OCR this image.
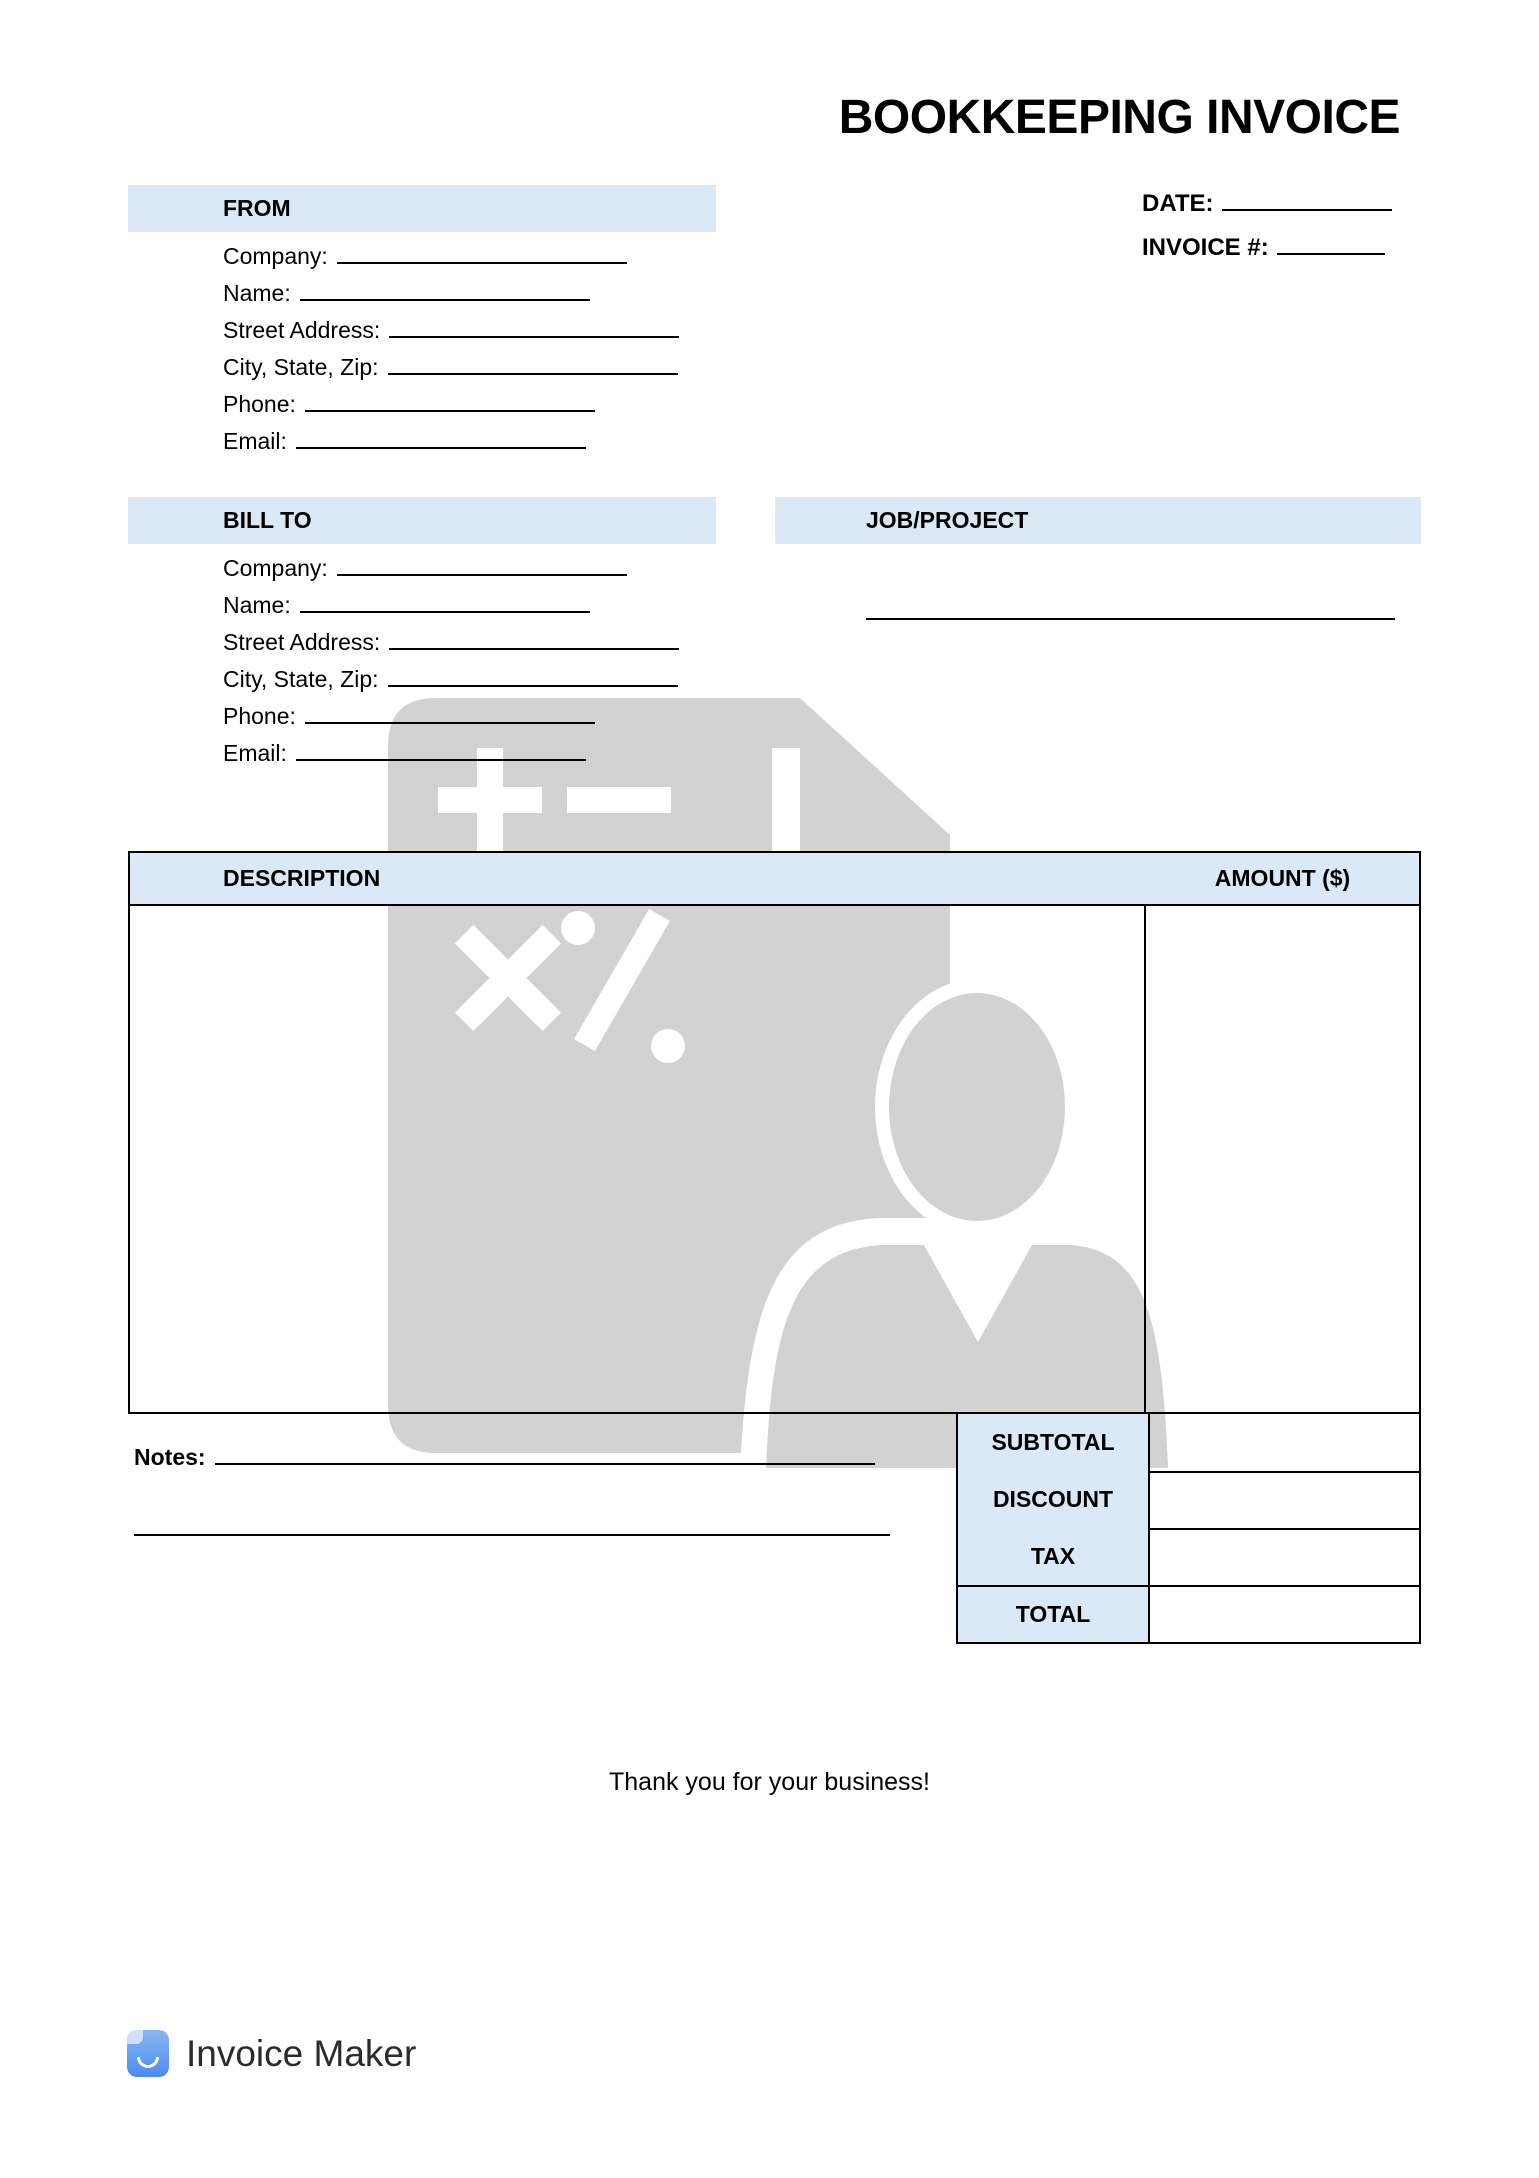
BOOKKEEPING INVOICE
DATE:
INVOICE #:
FROM
Company:
Name:
Street Address:
City, State, Zip:
Phone:
Email:
BILL TO
Company:
Name:
Street Address:
City, State, Zip:
Phone:
Email:
JOB/PROJECT
DESCRIPTION	AMOUNT ($)
SUBTOTAL
DISCOUNT
TAX
TOTAL
Notes:
Thank you for your business!
Invoice Maker
